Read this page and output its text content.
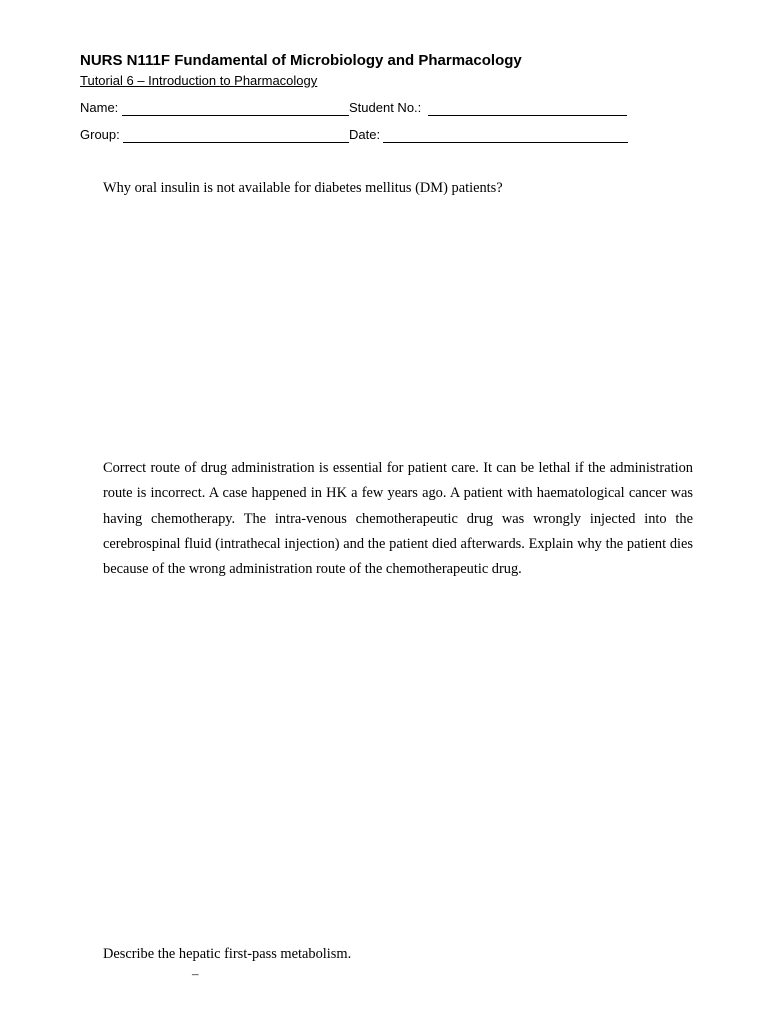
NURS N111F Fundamental of Microbiology and Pharmacology
Tutorial 6 – Introduction to Pharmacology
Name:	Student No.:
Group:	Date:
Why oral insulin is not available for diabetes mellitus (DM) patients?
Correct route of drug administration is essential for patient care. It can be lethal if the administration route is incorrect. A case happened in HK a few years ago. A patient with haematological cancer was having chemotherapy. The intra-venous chemotherapeutic drug was wrongly injected into the cerebrospinal fluid (intrathecal injection) and the patient died afterwards. Explain why the patient dies because of the wrong administration route of the chemotherapeutic drug.
Describe the hepatic first-pass metabolism.
–
